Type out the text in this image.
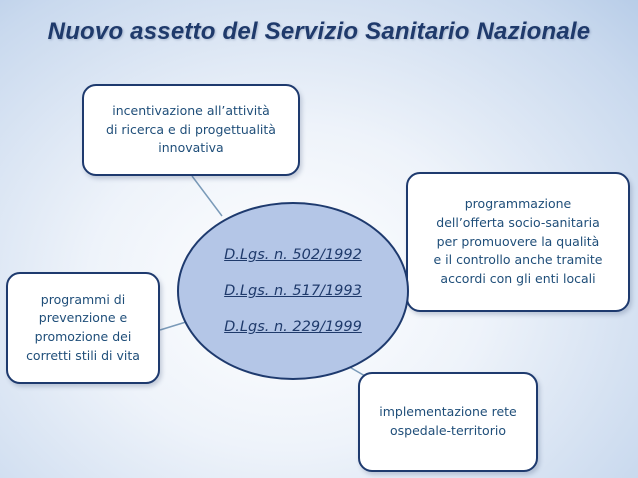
Nuovo assetto del Servizio Sanitario Nazionale
incentivazione all’attività
di ricerca e di progettualità
innovativa
programmazione
dell’offerta socio-sanitaria
per promuovere la qualità
e il controllo anche tramite
accordi con gli enti locali
programmi di
prevenzione e
promozione dei
corretti stili di vita
implementazione rete
ospedale-territorio
D.Lgs. n. 502/1992
D.Lgs. n. 517/1993
D.Lgs. n. 229/1999
